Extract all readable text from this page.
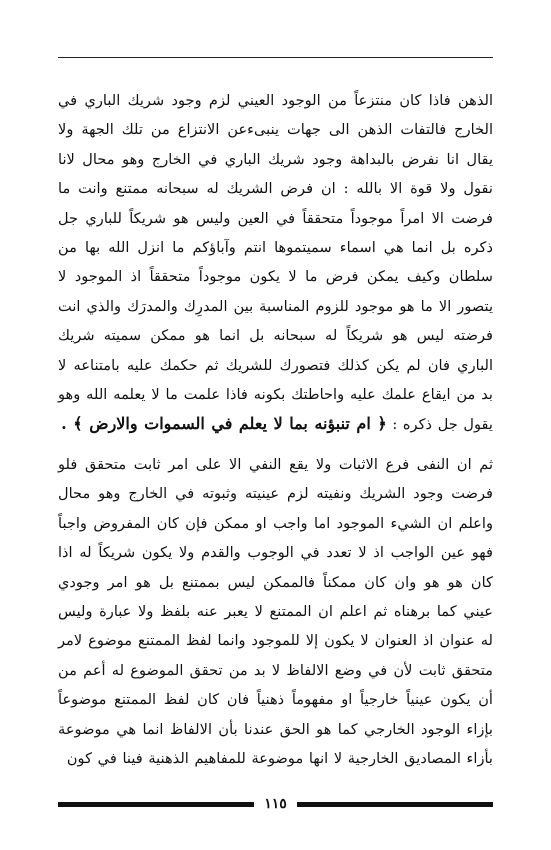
الذهن فاذا كان منتزعاً من الوجود العيني لزم وجود شريك الباري في الخارج فالتفات الذهن الى جهات ينبىءعن الانتزاع من تلك الجهة ولا يقال انا نفرض بالبداهة وجود شريك الباري في الخارج وهو محال لانا نقول ولا قوة الا بالله : ان فرض الشريك له سبحانه ممتنع وانت ما فرضت الا امراً موجوداً متحققاً في العين وليس هو شريكاً للباري جل ذكره بل انما هي اسماء سميتموها انتم وآباؤكم ما انزل الله بها من سلطان وكيف يمكن فرض ما لا يكون موجوداً متحققاً اذ الموجود لا يتصور الا ما هو موجود للزوم المناسبة بين المدرِك والمدرَك والذي انت فرضته ليس هو شريكاً له سبحانه بل انما هو ممكن سميته شريك الباري فان لم يكن كذلك فتصورك للشريك ثم حكمك عليه بامتناعه لا بد من ايقاع علمك عليه واحاطتك بكونه فاذا علمت ما لا يعلمه الله وهو يقول جل ذكره : ﴿ ام تنبؤنه بما لا يعلم في السموات والارض ﴾ .

ثم ان النفى فرع الاثبات ولا يقع النفي الا على امر ثابت متحقق فلو فرضت وجود الشريك ونفيته لزم عينيته وثبوته في الخارج وهو محال واعلم ان الشيء الموجود اما واجب او ممكن فإن كان المفروض واجباً فهو عين الواجب اذ لا تعدد في الوجوب والقدم ولا يكون شريكاً له اذا كان هو هو وان كان ممكناً فالممكن ليس بممتنع بل هو امر وجودي عيني كما برهناه ثم اعلم ان الممتنع لا يعبر عنه بلفظ ولا عبارة وليس له عنوان اذ العنوان لا يكون إلا للموجود وانما لفظ الممتنع موضوع لامر متحقق ثابت لأن في وضع الالفاظ لا بد من تحقق الموضوع له أعم من أن يكون عينياً خارجياً او مفهوماً ذهنياً فان كان لفظ الممتنع موضوعاً بإزاء الوجود الخارجي كما هو الحق عندنا بأن الالفاظ انما هي موضوعة بأزاء المصاديق الخارجية لا انها موضوعة للمفاهيم الذهنية فينا في كون

١١٥
